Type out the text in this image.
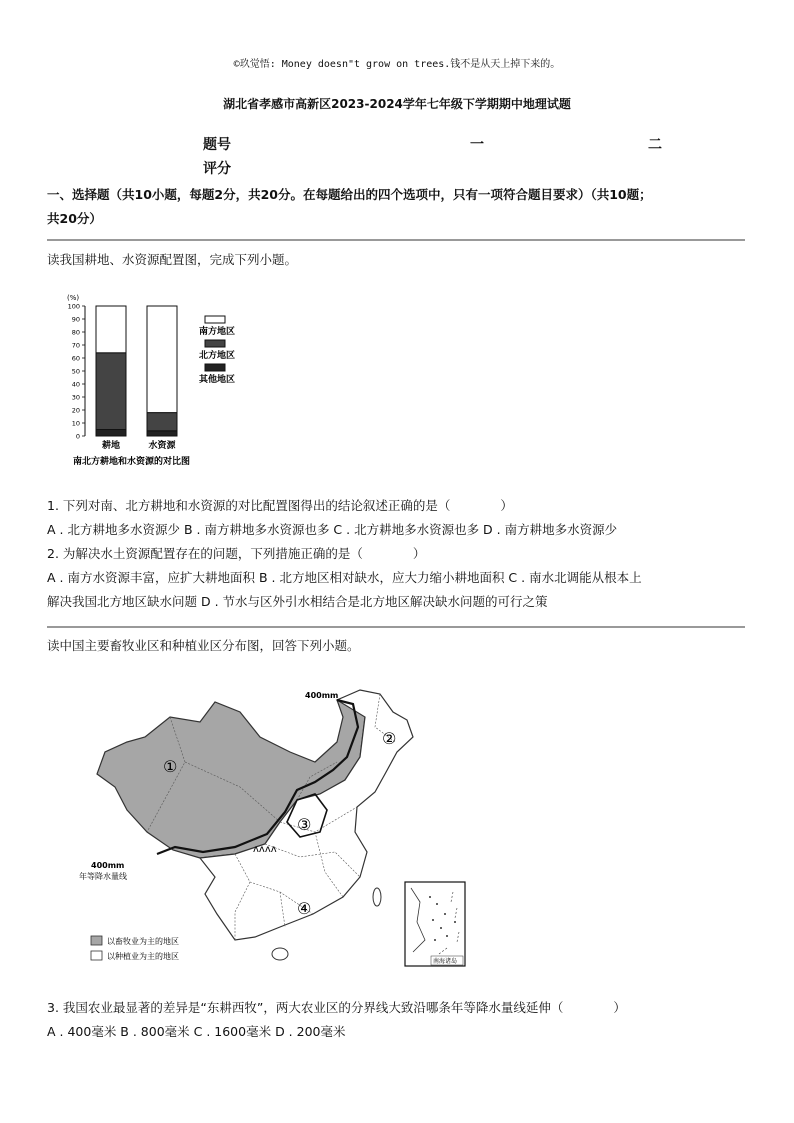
©玖觉悟: Money doesn"t grow on trees.钱不是从天上掉下来的。
湖北省孝感市高新区2023-2024学年七年级下学期期中地理试题
题号	一	二
评分
一、选择题（共10小题，每题2分，共20分。在每题给出的四个选项中，只有一项符合题目要求）（共10题；
共20分）
读我国耕地、水资源配置图，完成下列小题。
(%)
0
10
20
30
40
50
60
70
80
90
100
耕地	水资源
南方地区
北方地区
其他地区
南北方耕地和水资源的对比图
1. 下列对南、北方耕地和水资源的对比配置图得出的结论叙述正确的是（　　　　）
A . 北方耕地多水资源少 B . 南方耕地多水资源也多 C . 北方耕地多水资源也多 D . 南方耕地多水资源少
2. 为解决水土资源配置存在的问题，下列措施正确的是（　　　　）
A . 南方水资源丰富，应扩大耕地面积 B . 北方地区相对缺水，应大力缩小耕地面积 C . 南水北调能从根本上
解决我国北方地区缺水问题 D . 节水与区外引水相结合是北方地区解决缺水问题的可行之策
读中国主要畜牧业区和种植业区分布图，回答下列小题。
ʌʌʌʌ
400mm
400mm
年等降水量线
①
②
③
④
以畜牧业为主的地区
以种植业为主的地区
南海诸岛
3. 我国农业最显著的差异是“东耕西牧”，两大农业区的分界线大致沿哪条年等降水量线延伸（　　　　）
A . 400毫米 B . 800毫米 C . 1600毫米 D . 200毫米
